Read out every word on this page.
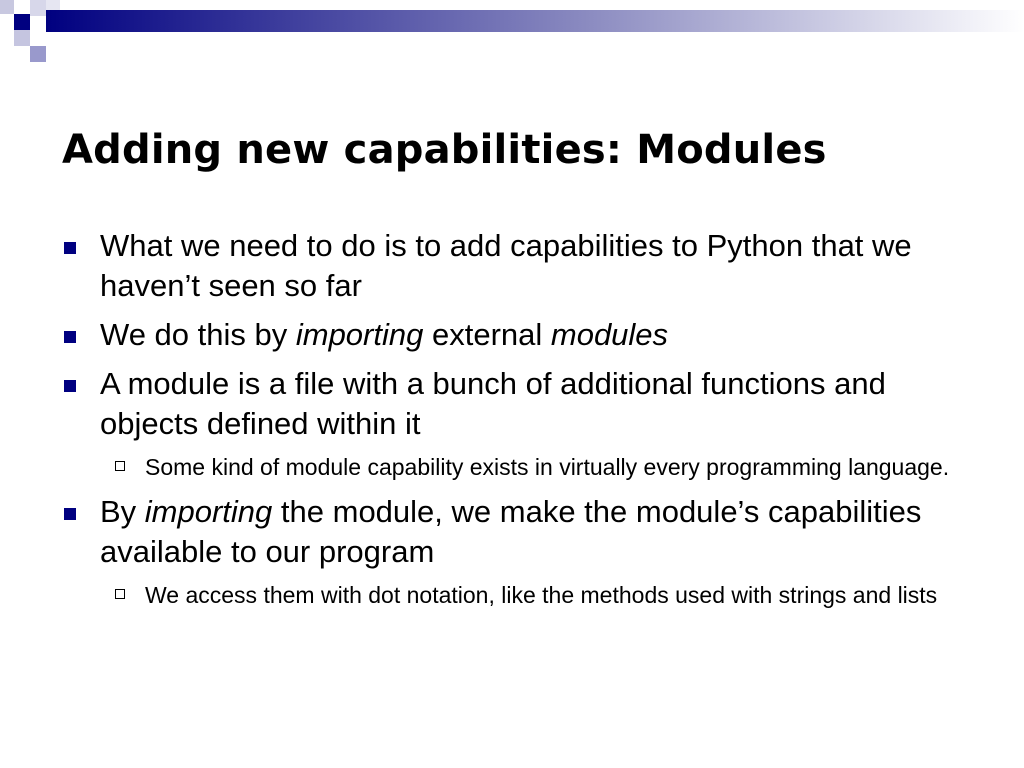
Adding new capabilities: Modules
What we need to do is to add capabilities to Python that we haven’t seen so far
We do this by importing external modules
A module is a file with a bunch of additional functions and objects defined within it
Some kind of module capability exists in virtually every programming language.
By importing the module, we make the module’s capabilities available to our program
We access them with dot notation, like the methods used with strings and lists
